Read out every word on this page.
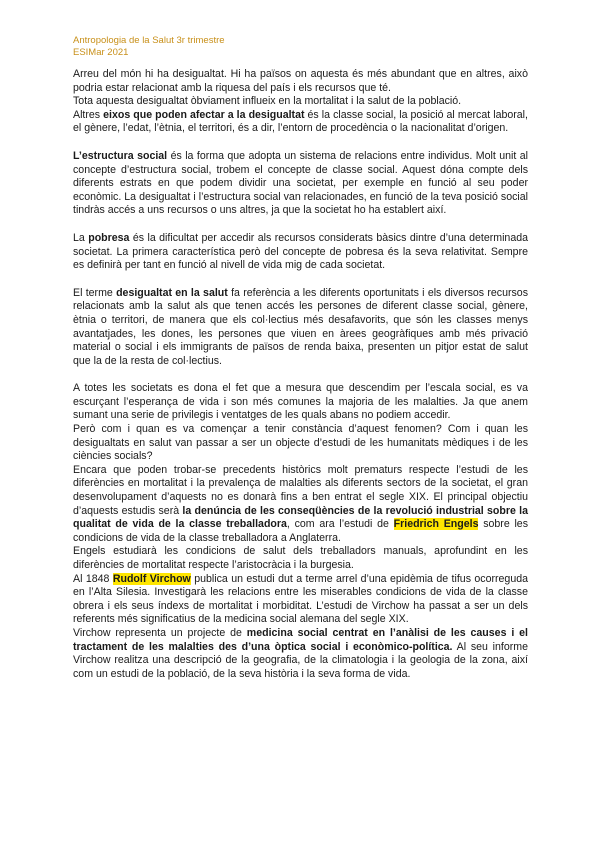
Antropologia de la Salut 3r trimestre
ESIMar 2021

Arreu del món hi ha desigualtat. Hi ha països on aquesta és més abundant que en altres, això podria estar relacionat amb la riquesa del país i els recursos que té.

Tota aquesta desigualtat òbviament influeix en la mortalitat i la salut de la població.

Altres eixos que poden afectar a la desigualtat és la classe social, la posició al mercat laboral, el gènere, l’edat, l’ètnia, el territori, és a dir, l’entorn de procedència o la nacionalitat d’origen.

L’estructura social és la forma que adopta un sistema de relacions entre individus. Molt unit al concepte d’estructura social, trobem el concepte de classe social. Aquest dóna compte dels diferents estrats en que podem dividir una societat, per exemple en funció al seu poder econòmic. La desigualtat i l’estructura social van relacionades, en funció de la teva posició social tindràs accés a uns recursos o uns altres, ja que la societat ho ha establert així.

La pobresa és la dificultat per accedir als recursos considerats bàsics dintre d’una determinada societat. La primera característica però del concepte de pobresa és la seva relativitat. Sempre es definirà per tant en funció al nivell de vida mig de cada societat.

El terme desigualtat en la salut fa referència a les diferents oportunitats i els diversos recursos relacionats amb la salut als que tenen accés les persones de diferent classe social, gènere, ètnia o territori, de manera que els col·lectius més desafavorits, que són les classes menys avantatjades, les dones, les persones que viuen en àrees geogràfiques amb més privació material o social i els immigrants de països de renda baixa, presenten un pitjor estat de salut que la de la resta de col·lectius.

A totes les societats es dona el fet que a mesura que descendim per l’escala social, es va escurçant l’esperança de vida i son més comunes la majoria de les malalties. Ja que anem sumant una serie de privilegis i ventatges de les quals abans no podiem accedir.

Però com i quan es va començar a tenir constància d’aquest fenomen? Com i quan les desigualtats en salut van passar a ser un objecte d’estudi de les humanitats mèdiques i de les ciències socials?

Encara que poden trobar-se precedents històrics molt prematurs respecte l’estudi de les diferències en mortalitat i la prevalença de malalties als diferents sectors de la societat, el gran desenvolupament d’aquests no es donarà fins a ben entrat el segle XIX. El principal objectiu d’aquests estudis serà la denúncia de les conseqüències de la revolució industrial sobre la qualitat de vida de la classe treballadora, com ara l’estudi de Friedrich Engels sobre les condicions de vida de la classe treballadora a Anglaterra.

Engels estudiarà les condicions de salut dels treballadors manuals, aprofundint en les diferències de mortalitat respecte l’aristocràcia i la burgesia.

Al 1848 Rudolf Virchow publica un estudi dut a terme arrel d’una epidèmia de tifus ocorreguda en l’Alta Silesia. Investigarà les relacions entre les miserables condicions de vida de la classe obrera i els seus índexs de mortalitat i morbiditat. L’estudi de Virchow ha passat a ser un dels referents més significatius de la medicina social alemana del segle XIX.

Virchow representa un projecte de medicina social centrat en l’anàlisi de les causes i el tractament de les malalties des d’una òptica social i econòmico-política. Al seu informe Virchow realitza una descripció de la geografia, de la climatologia i la geologia de la zona, així com un estudi de la població, de la seva història i la seva forma de vida.
